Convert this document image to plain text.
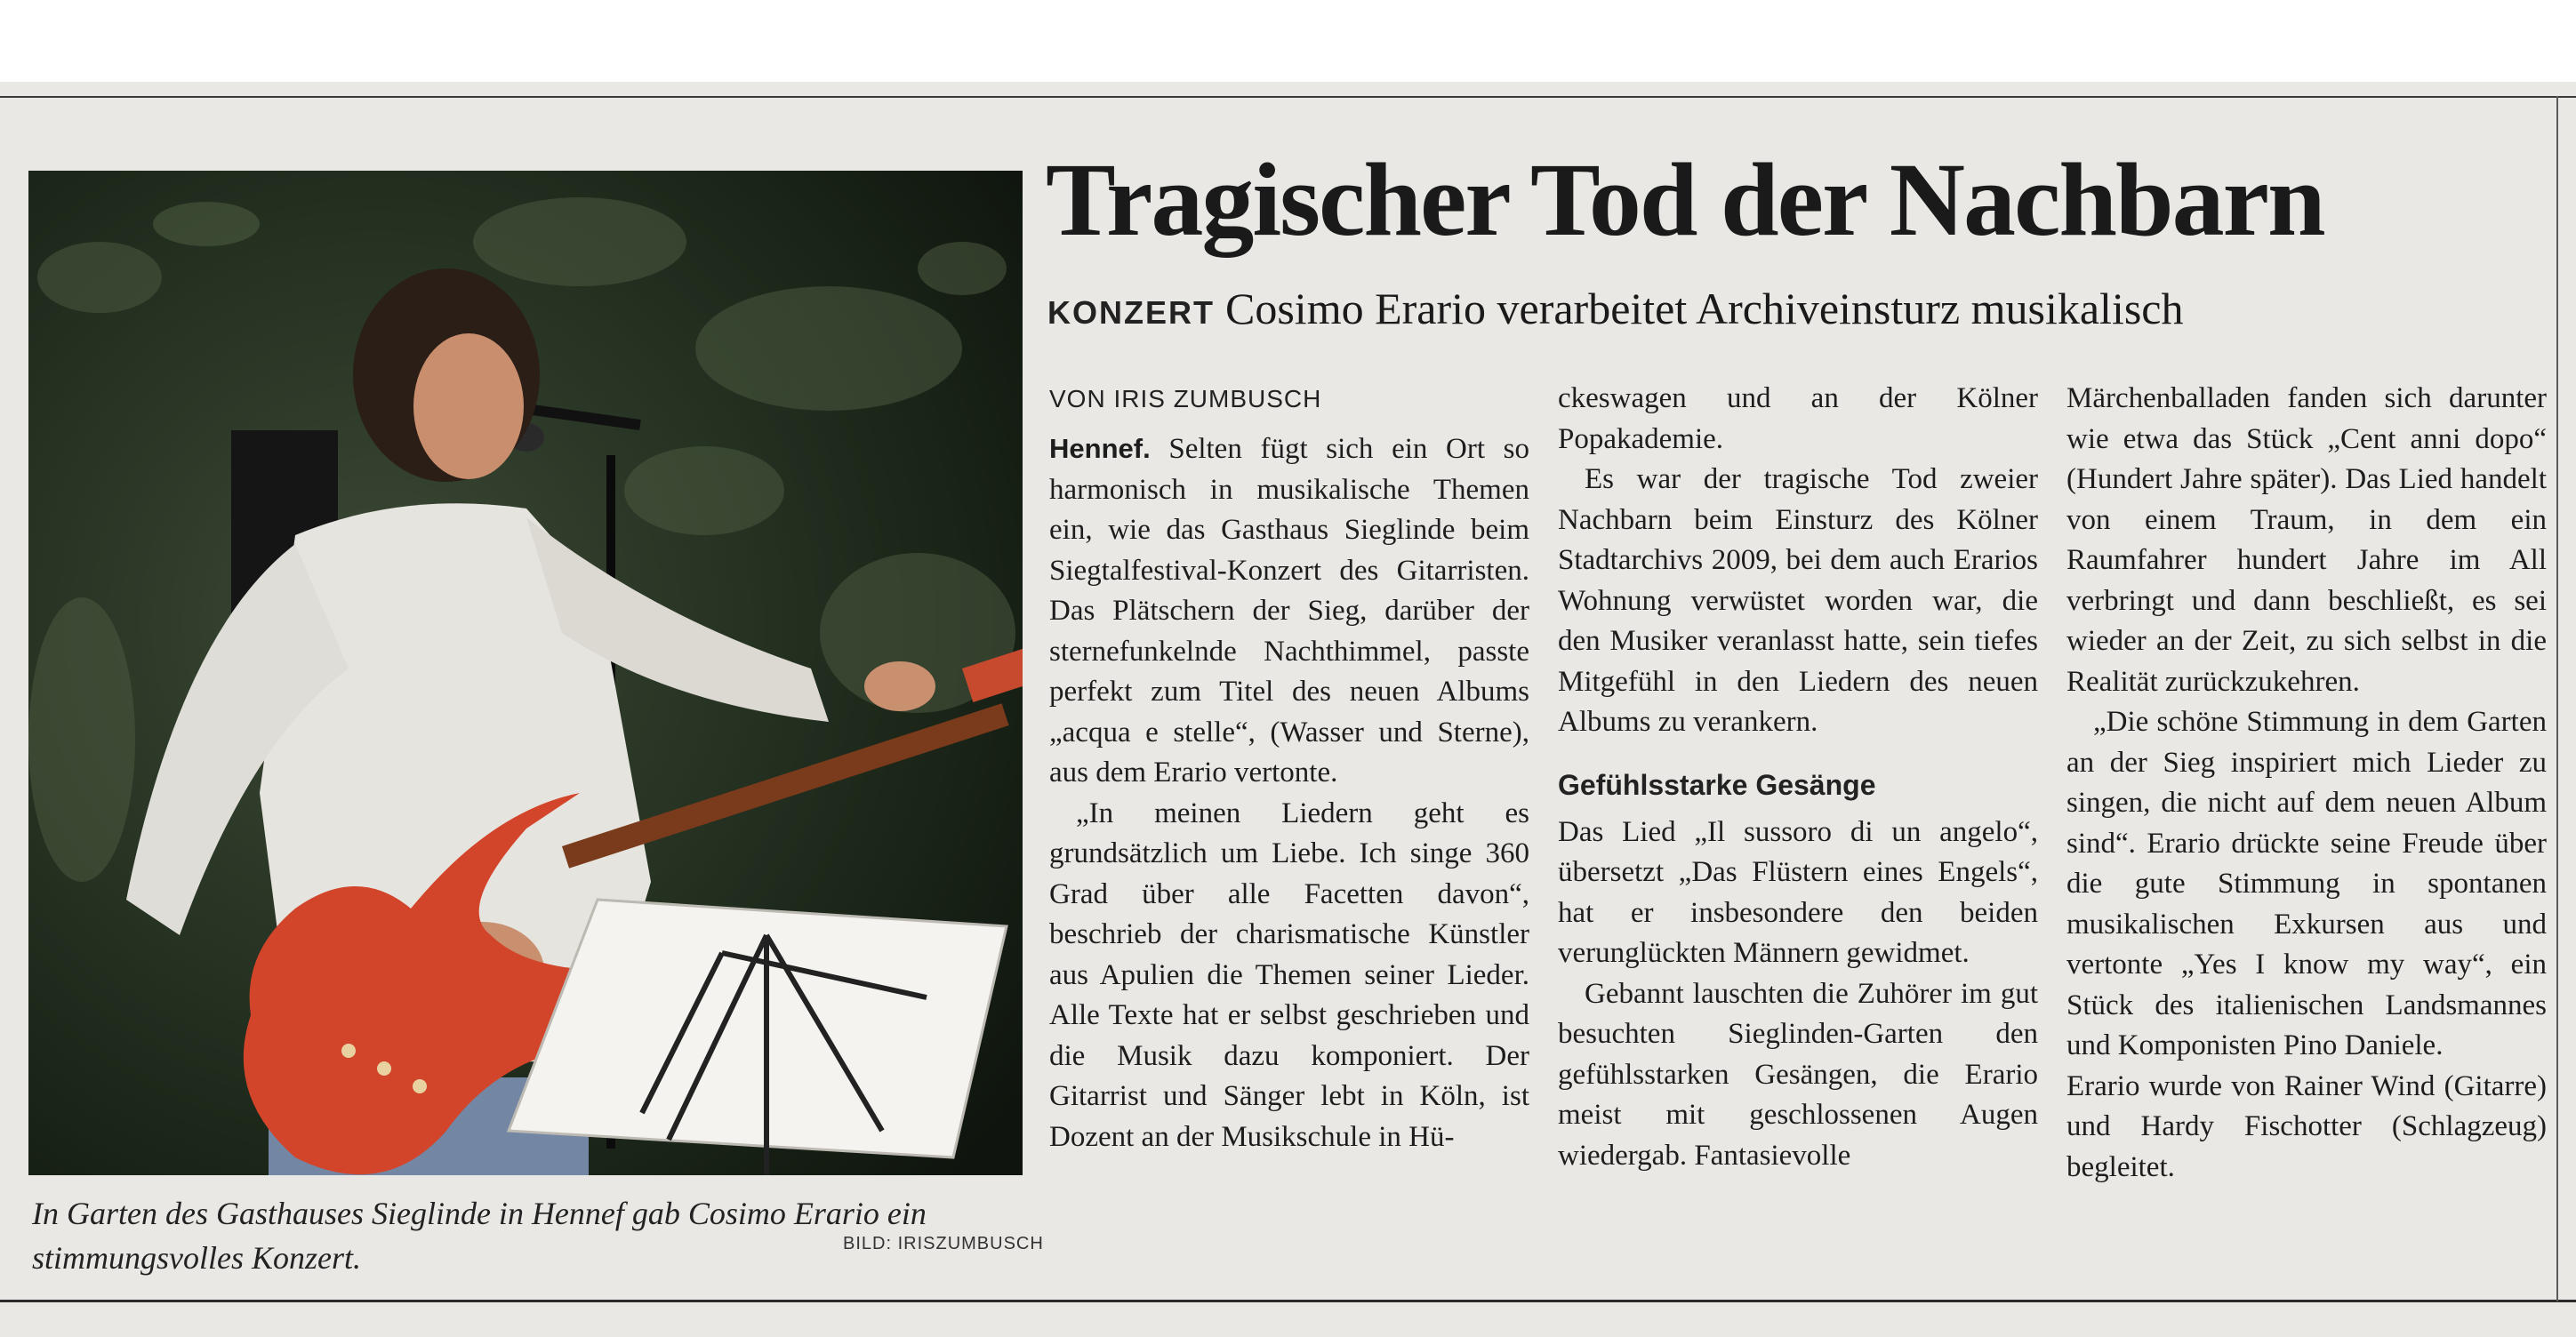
In Garten des Gasthauses Sieglinde in Hennef gab Cosimo Erario ein stimmungsvolles Konzert.	BILD: IRISZUMBUSCH
Tragischer Tod der Nachbarn
KONZERT Cosimo Erario verarbeitet Archiveinsturz musikalisch
VON IRIS ZUMBUSCH

Hennef. Selten fügt sich ein Ort so harmonisch in musikalische Themen ein, wie das Gasthaus Sieglinde beim Siegtalfestival-Konzert des Gitarristen. Das Plätschern der Sieg, darüber der sternefunkelnde Nachthimmel, passte perfekt zum Titel des neuen Albums „acqua e stelle“, (Wasser und Sterne), aus dem Erario vertonte.

„In meinen Liedern geht es grundsätzlich um Liebe. Ich singe 360 Grad über alle Facetten davon“, beschrieb der charismatische Künstler aus Apulien die Themen seiner Lieder. Alle Texte hat er selbst geschrieben und die Musik dazu komponiert. Der Gitarrist und Sänger lebt in Köln, ist Dozent an der Musikschule in Hü-

ckeswagen und an der Kölner Popakademie.

Es war der tragische Tod zweier Nachbarn beim Einsturz des Kölner Stadtarchivs 2009, bei dem auch Erarios Wohnung verwüstet worden war, die den Musiker veranlasst hatte, sein tiefes Mitgefühl in den Liedern des neuen Albums zu verankern.

Gefühlsstarke Gesänge

Das Lied „Il sussoro di un angelo“, übersetzt „Das Flüstern eines Engels“, hat er insbesondere den beiden verunglückten Männern gewidmet.

Gebannt lauschten die Zuhörer im gut besuchten Sieglinden-Garten den gefühlsstarken Gesängen, die Erario meist mit geschlossenen Augen wiedergab. Fantasievolle

Märchenballaden fanden sich darunter wie etwa das Stück „Cent anni dopo“ (Hundert Jahre später). Das Lied handelt von einem Traum, in dem ein Raumfahrer hundert Jahre im All verbringt und dann beschließt, es sei wieder an der Zeit, zu sich selbst in die Realität zurückzukehren.

„Die schöne Stimmung in dem Garten an der Sieg inspiriert mich Lieder zu singen, die nicht auf dem neuen Album sind“. Erario drückte seine Freude über die gute Stimmung in spontanen musikalischen Exkursen aus und vertonte „Yes I know my way“, ein Stück des italienischen Landsmannes und Komponisten Pino Daniele.

Erario wurde von Rainer Wind (Gitarre) und Hardy Fischotter (Schlagzeug) begleitet.
